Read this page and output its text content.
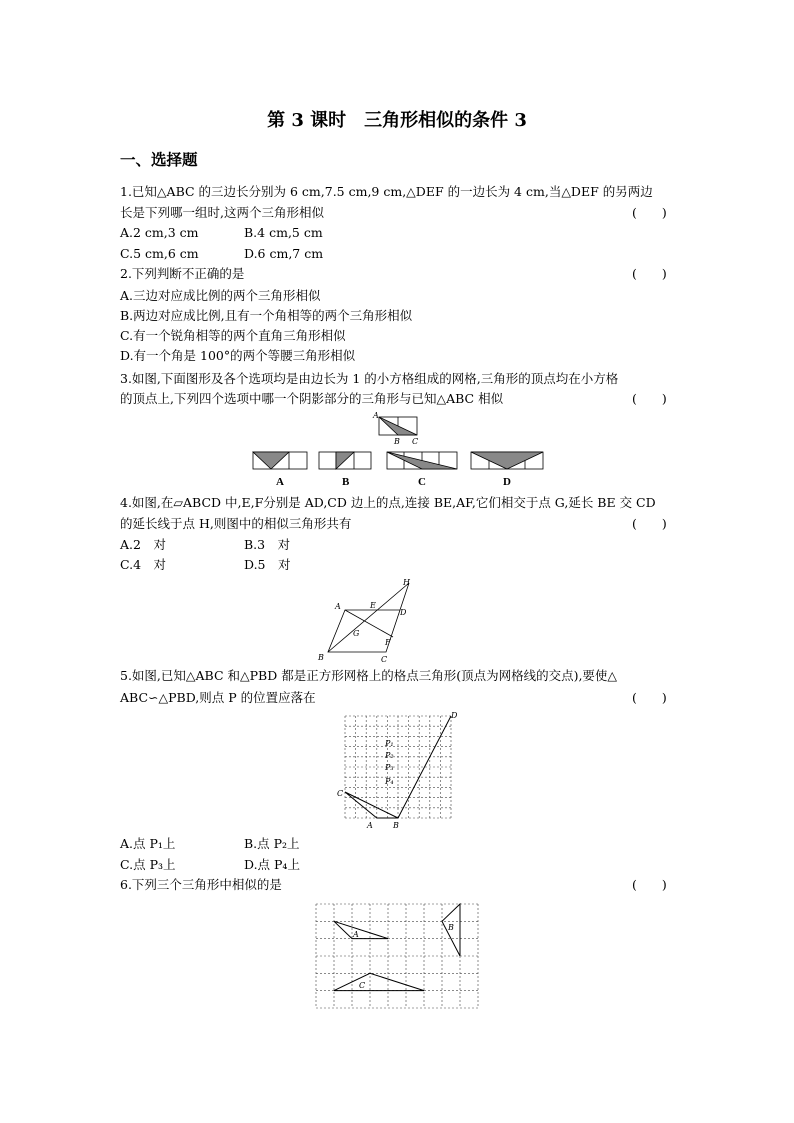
第 3 课时　三角形相似的条件 3
一、选择题
1.已知△ABC 的三边长分别为 6 cm,7.5 cm,9 cm,△DEF 的一边长为 4 cm,当△DEF 的另两边
长是下列哪一组时,这两个三角形相似	(　　)
A.2 cm,3 cm	B.4 cm,5 cm
C.5 cm,6 cm	D.6 cm,7 cm
2.下列判断不正确的是	(　　)
A.三边对应成比例的两个三角形相似
B.两边对应成比例,且有一个角相等的两个三角形相似
C.有一个锐角相等的两个直角三角形相似
D.有一个角是 100°的两个等腰三角形相似
3.如图,下面图形及各个选项均是由边长为 1 的小方格组成的网格,三角形的顶点均在小方格
的顶点上,下列四个选项中哪一个阴影部分的三角形与已知△ABC 相似	(　　)
A
B C
A	B	C	D
4.如图,在▱ABCD 中,E,F分别是 AD,CD 边上的点,连接 BE,AF,它们相交于点 G,延长 BE 交 CD
的延长线于点 H,则图中的相似三角形共有	(　　)
A.2　对	B.3　对
C.4　对	D.5　对
A
B	C
D
E
F
G
H
5.如图,已知△ABC 和△PBD 都是正方形网格上的格点三角形(顶点为网格线的交点),要使△
ABC∽△PBD,则点 P 的位置应落在	(　　)
C
A	B
D
P₁
P₂
P₃
P₄
A.点 P₁上	B.点 P₂上
C.点 P₃上	D.点 P₄上
6.下列三个三角形中相似的是	(　　)
A
B
C
